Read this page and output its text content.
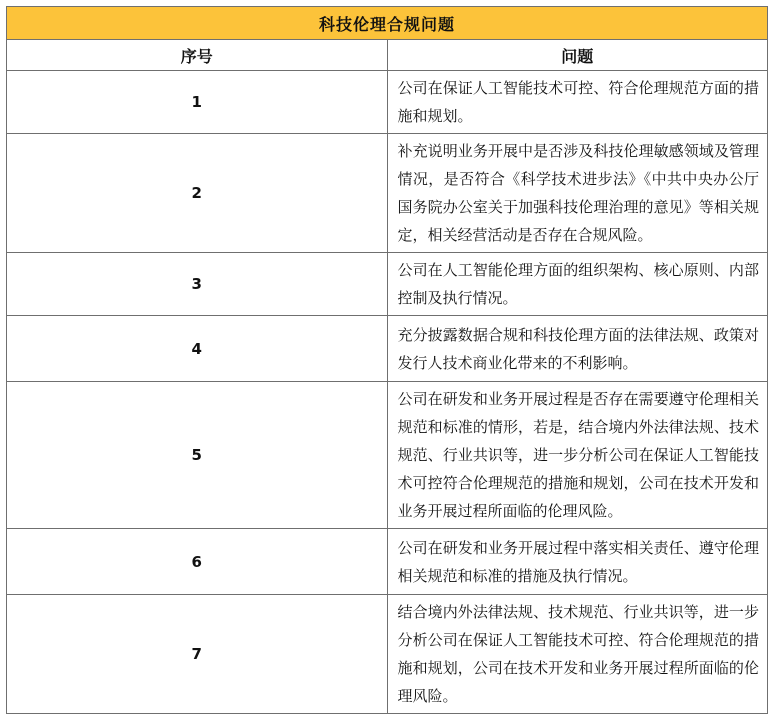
科技伦理合规问题	
序号	问题
1	公司在保证人工智能技术可控、符合伦理规范方面的措施和规划。
2	补充说明业务开展中是否涉及科技伦理敏感领域及管理情况，是否符合《科学技术进步法》《中共中央办公厅国务院办公室关于加强科技伦理治理的意见》等相关规定，相关经营活动是否存在合规风险。
3	公司在人工智能伦理方面的组织架构、核心原则、内部控制及执行情况。
4	充分披露数据合规和科技伦理方面的法律法规、政策对发行人技术商业化带来的不利影响。
5	公司在研发和业务开展过程是否存在需要遵守伦理相关规范和标准的情形，若是，结合境内外法律法规、技术规范、行业共识等，进一步分析公司在保证人工智能技术可控符合伦理规范的措施和规划，公司在技术开发和业务开展过程所面临的伦理风险。
6	公司在研发和业务开展过程中落实相关责任、遵守伦理相关规范和标准的措施及执行情况。
7	结合境内外法律法规、技术规范、行业共识等，进一步分析公司在保证人工智能技术可控、符合伦理规范的措施和规划，公司在技术开发和业务开展过程所面临的伦理风险。
